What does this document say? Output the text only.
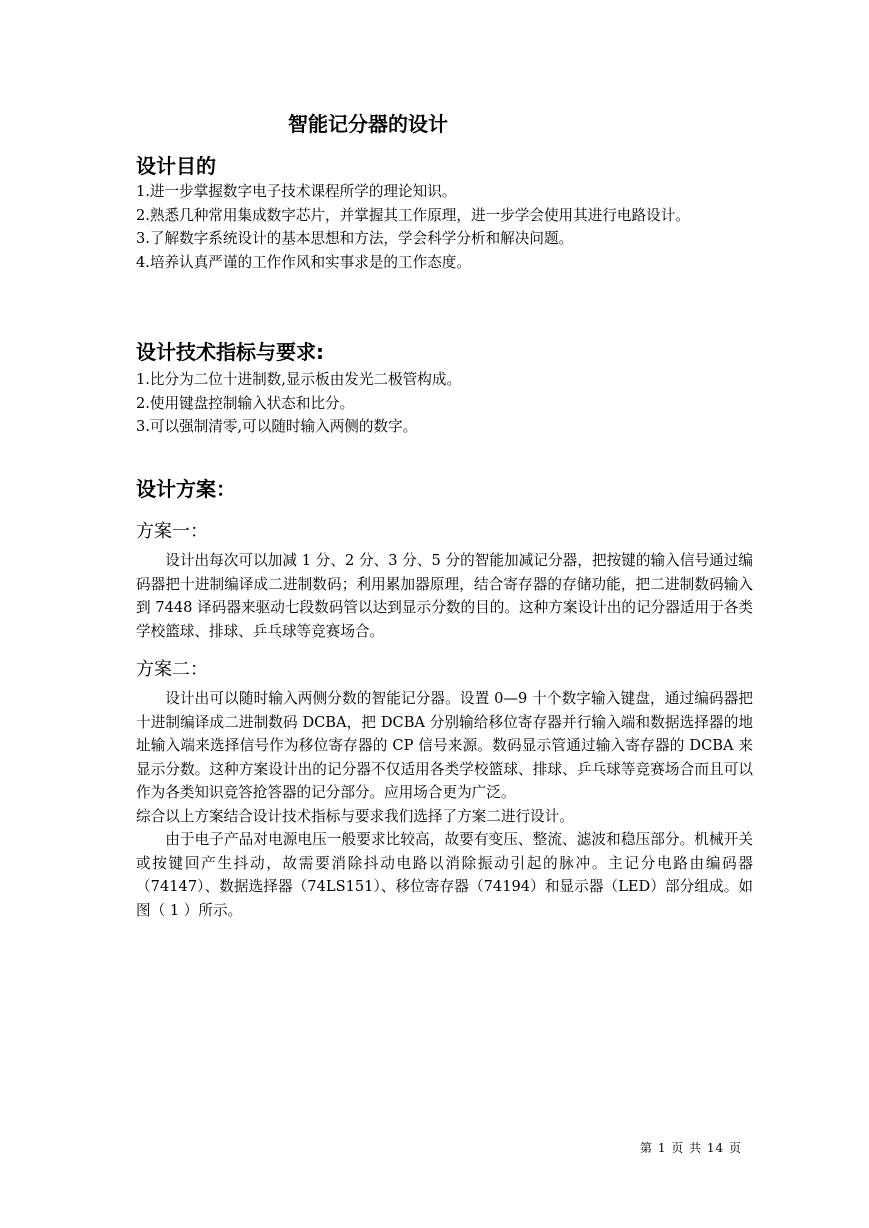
智能记分器的设计
设计目的

1.进一步掌握数字电子技术课程所学的理论知识。

2.熟悉几种常用集成数字芯片，并掌握其工作原理，进一步学会使用其进行电路设计。

3.了解数字系统设计的基本思想和方法，学会科学分析和解决问题。

4.培养认真严谨的工作作风和实事求是的工作态度。

设计技术指标与要求:

1.比分为二位十进制数,显示板由发光二极管构成。

2.使用键盘控制输入状态和比分。

3.可以强制清零,可以随时输入两侧的数字。

设计方案：
方案一：

设计出每次可以加减 1 分、2 分、3 分、5 分的智能加减记分器，把按键的输入信号通过编码器把十进制编译成二进制数码；利用累加器原理，结合寄存器的存储功能，把二进制数码输入到 7448 译码器来驱动七段数码管以达到显示分数的目的。这种方案设计出的记分器适用于各类学校篮球、排球、乒乓球等竞赛场合。

方案二：

设计出可以随时输入两侧分数的智能记分器。设置 0—9 十个数字输入键盘，通过编码器把十进制编译成二进制数码 DCBA，把 DCBA 分别输给移位寄存器并行输入端和数据选择器的地址输入端来选择信号作为移位寄存器的 CP 信号来源。数码显示管通过输入寄存器的 DCBA 来显示分数。这种方案设计出的记分器不仅适用各类学校篮球、排球、乒乓球等竞赛场合而且可以作为各类知识竞答抢答器的记分部分。应用场合更为广泛。

综合以上方案结合设计技术指标与要求我们选择了方案二进行设计。

由于电子产品对电源电压一般要求比较高，故要有变压、整流、滤波和稳压部分。机械开关或按键回产生抖动，故需要消除抖动电路以消除振动引起的脉冲。主记分电路由编码器（74147）、数据选择器（74LS151）、移位寄存器（74194）和显示器（LED）部分组成。如图（ 1 ）所示。

第 1 页 共 14 页
